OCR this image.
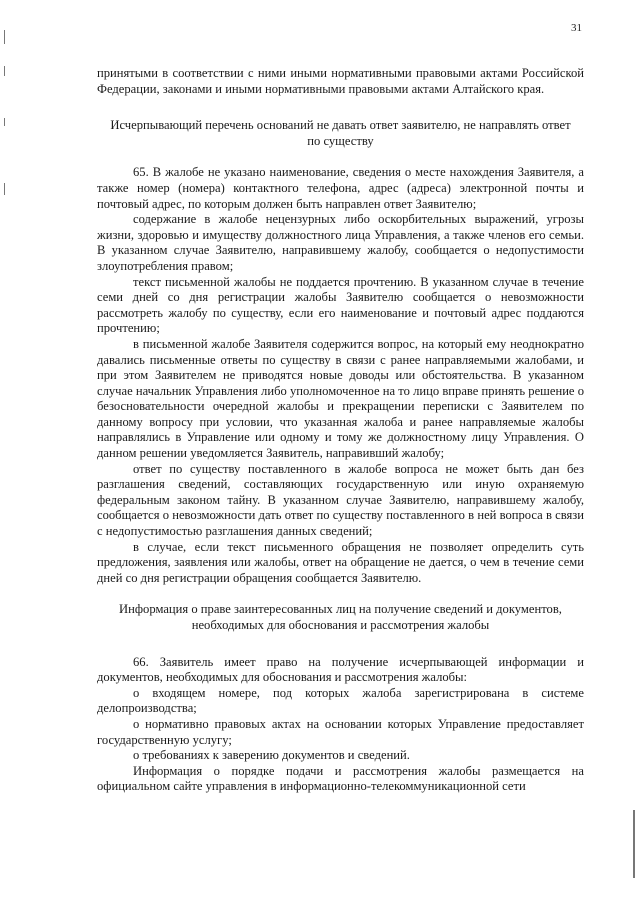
31

принятыми в соответствии с ними иными нормативными правовыми актами Российской Федерации, законами и иными нормативными правовыми актами Алтайского края.

Исчерпывающий перечень оснований не давать ответ заявителю, не направлять ответ по существу

65. В жалобе не указано наименование, сведения о месте нахождения Заявителя, а также номер (номера) контактного телефона, адрес (адреса) электронной почты и почтовый адрес, по которым должен быть направлен ответ Заявителю;

содержание в жалобе нецензурных либо оскорбительных выражений, угрозы жизни, здоровью и имуществу должностного лица Управления, а также членов его семьи. В указанном случае Заявителю, направившему жалобу, сообщается о недопустимости злоупотребления правом;

текст письменной жалобы не поддается прочтению. В указанном случае в течение семи дней со дня регистрации жалобы Заявителю сообщается о невозможности рассмотреть жалобу по существу, если его наименование и почтовый адрес поддаются прочтению;

в письменной жалобе Заявителя содержится вопрос, на который ему неоднократно давались письменные ответы по существу в связи с ранее направляемыми жалобами, и при этом Заявителем не приводятся новые доводы или обстоятельства. В указанном случае начальник Управления либо уполномоченное на то лицо вправе принять решение о безосновательности очередной жалобы и прекращении переписки с Заявителем по данному вопросу при условии, что указанная жалоба и ранее направляемые жалобы направлялись в Управление или одному и тому же должностному лицу Управления. О данном решении уведомляется Заявитель, направивший жалобу;

ответ по существу поставленного в жалобе вопроса не может быть дан без разглашения сведений, составляющих государственную или иную охраняемую федеральным законом тайну. В указанном случае Заявителю, направившему жалобу, сообщается о невозможности дать ответ по существу поставленного в ней вопроса в связи с недопустимостью разглашения данных сведений;

в случае, если текст письменного обращения не позволяет определить суть предложения, заявления или жалобы, ответ на обращение не дается, о чем в течение семи дней со дня регистрации обращения сообщается Заявителю.

Информация о праве заинтересованных лиц на получение сведений и документов, необходимых для обоснования и рассмотрения жалобы

66. Заявитель имеет право на получение исчерпывающей информации и документов, необходимых для обоснования и рассмотрения жалобы:

о входящем номере, под которых жалоба зарегистрирована в системе делопроизводства;

о нормативно правовых актах на основании которых Управление предоставляет государственную услугу;

о требованиях к заверению документов и сведений.

Информация о порядке подачи и рассмотрения жалобы размещается на официальном сайте управления в информационно-телекоммуникационной сети
